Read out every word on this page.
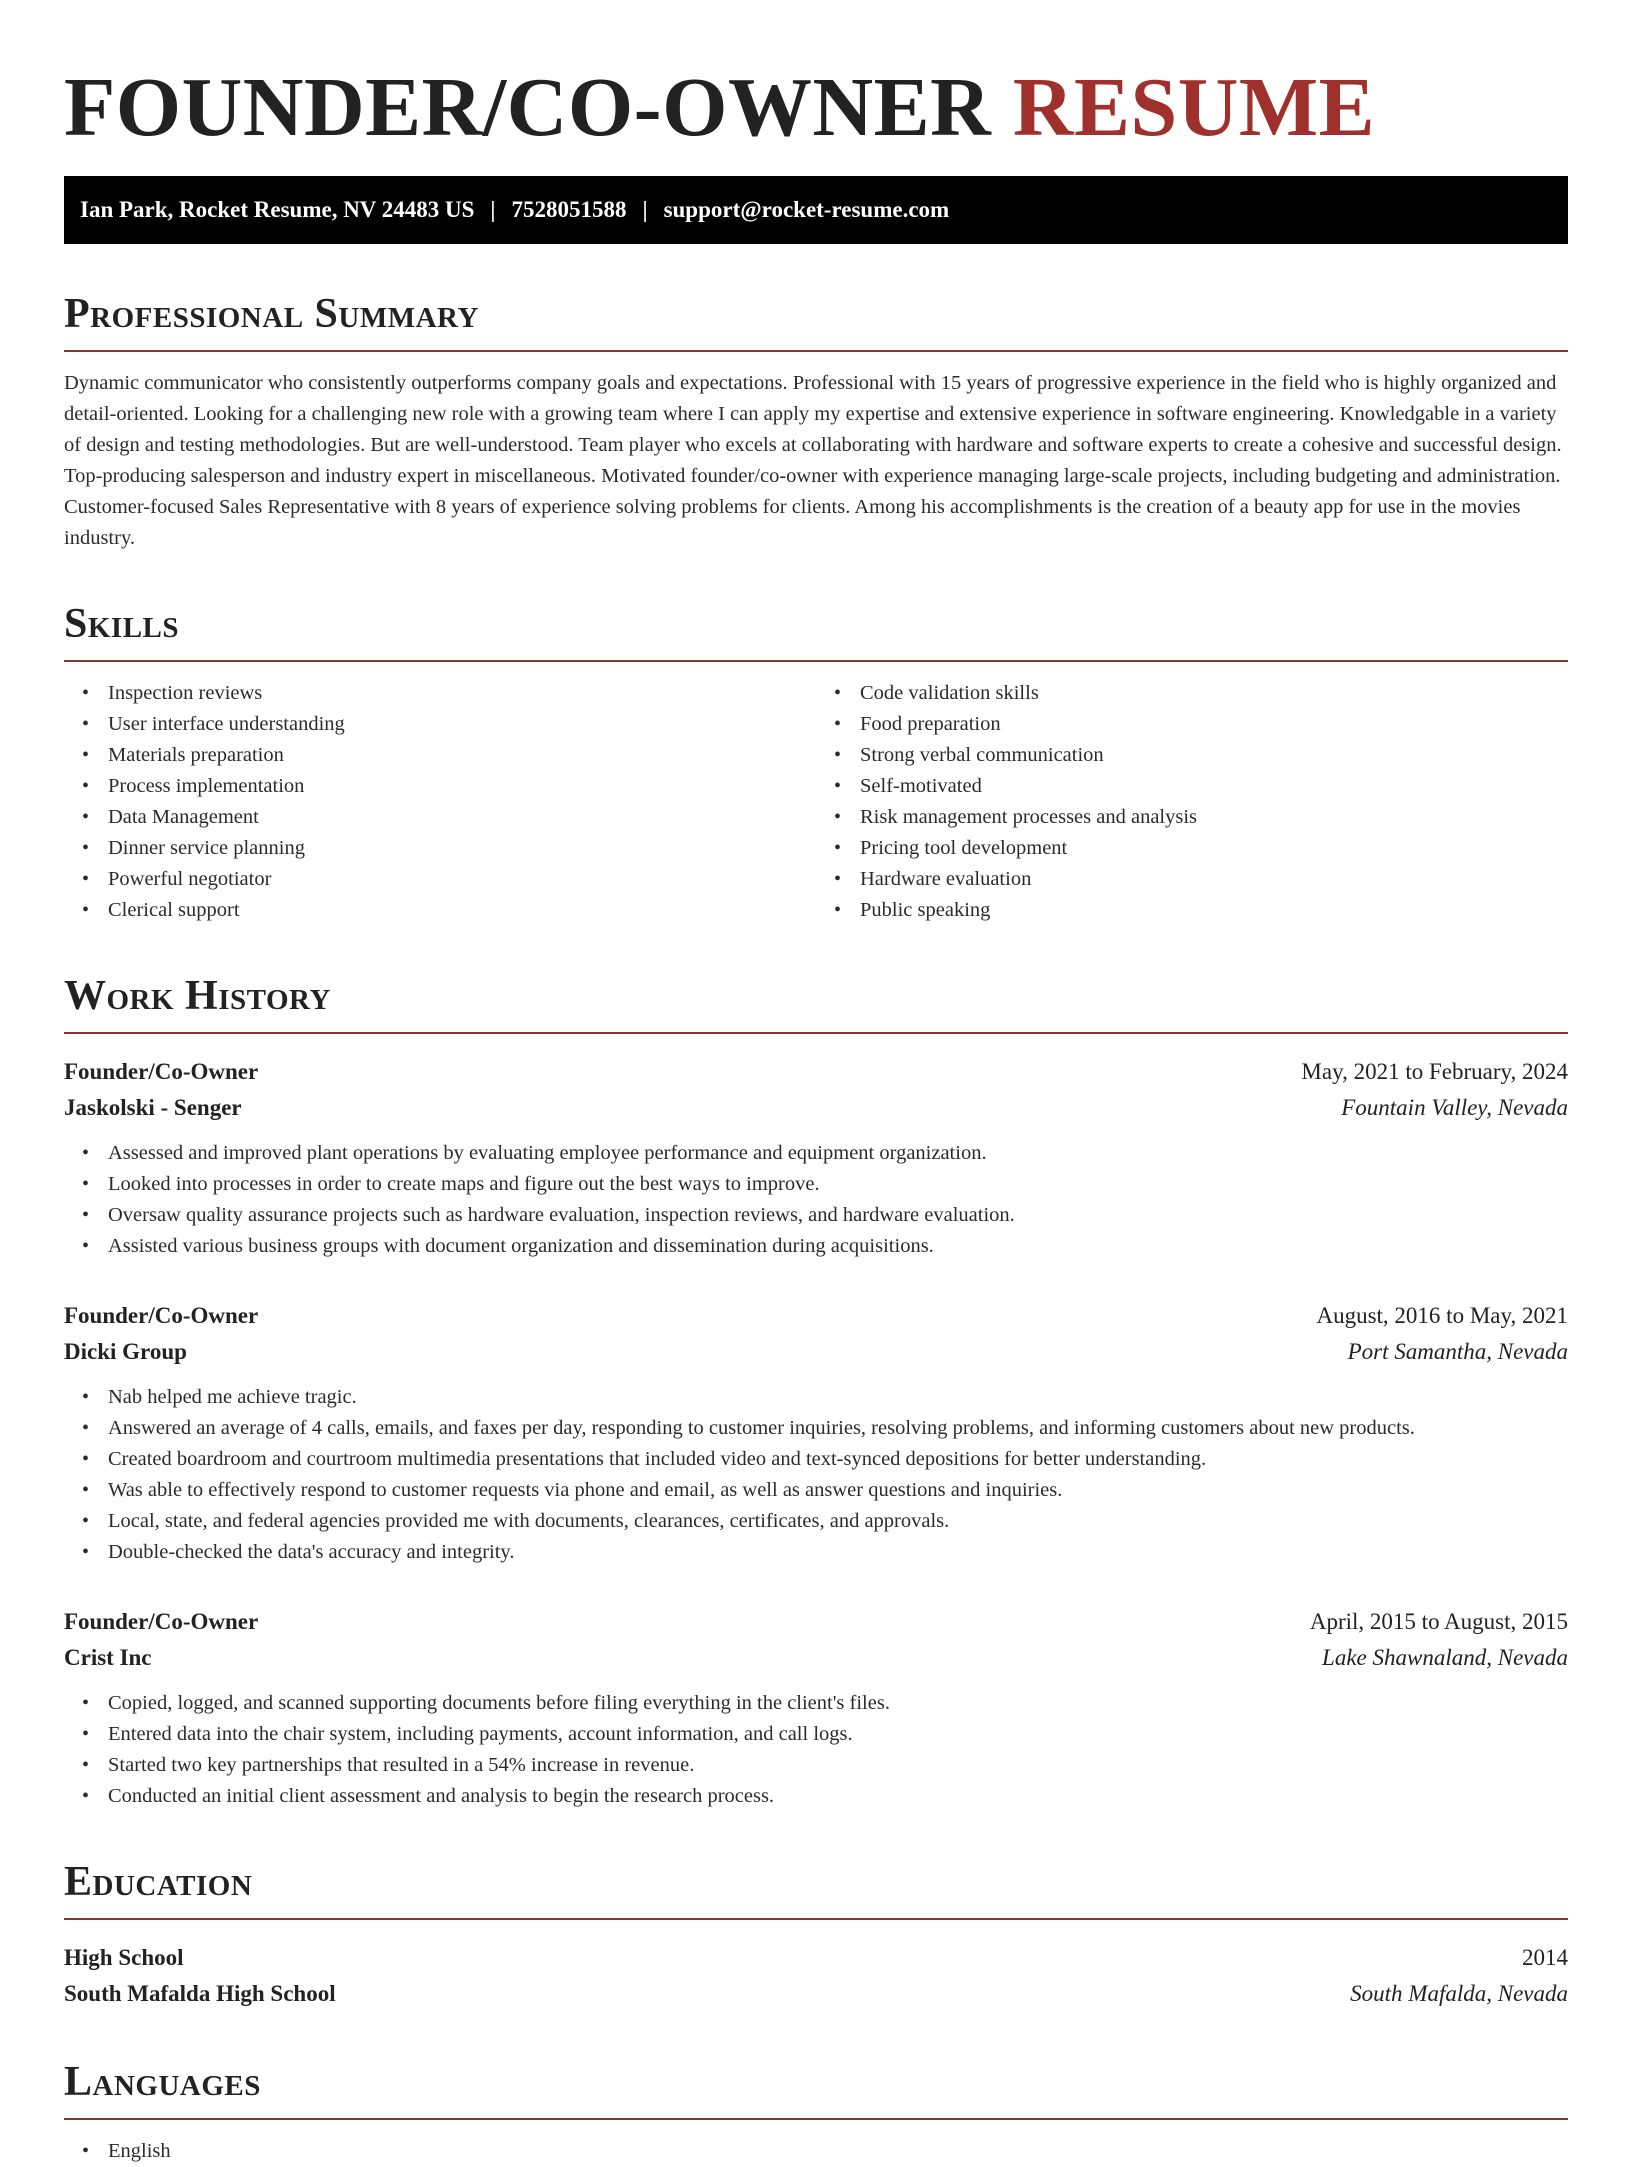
FOUNDER/CO-OWNER RESUME
Ian Park, Rocket Resume, NV 24483 US | 7528051588 | support@rocket-resume.com
Professional Summary

Dynamic communicator who consistently outperforms company goals and expectations. Professional with 15 years of progressive experience in the field who is highly organized and detail-oriented. Looking for a challenging new role with a growing team where I can apply my expertise and extensive experience in software engineering. Knowledgable in a variety of design and testing methodologies. But are well-understood. Team player who excels at collaborating with hardware and software experts to create a cohesive and successful design. Top-producing salesperson and industry expert in miscellaneous. Motivated founder/co-owner with experience managing large-scale projects, including budgeting and administration. Customer-focused Sales Representative with 8 years of experience solving problems for clients. Among his accomplishments is the creation of a beauty app for use in the movies industry.

Skills
• Inspection reviews
• User interface understanding
• Materials preparation
• Process implementation
• Data Management
• Dinner service planning
• Powerful negotiator
• Clerical support
• Code validation skills
• Food preparation
• Strong verbal communication
• Self-motivated
• Risk management processes and analysis
• Pricing tool development
• Hardware evaluation
• Public speaking
Work History
Founder/Co-Owner	May, 2021 to February, 2024
Jaskolski - Senger	Fountain Valley, Nevada
• Assessed and improved plant operations by evaluating employee performance and equipment organization.
• Looked into processes in order to create maps and figure out the best ways to improve.
• Oversaw quality assurance projects such as hardware evaluation, inspection reviews, and hardware evaluation.
• Assisted various business groups with document organization and dissemination during acquisitions.
Founder/Co-Owner	August, 2016 to May, 2021
Dicki Group	Port Samantha, Nevada
• Nab helped me achieve tragic.
• Answered an average of 4 calls, emails, and faxes per day, responding to customer inquiries, resolving problems, and informing customers about new products.
• Created boardroom and courtroom multimedia presentations that included video and text-synced depositions for better understanding.
• Was able to effectively respond to customer requests via phone and email, as well as answer questions and inquiries.
• Local, state, and federal agencies provided me with documents, clearances, certificates, and approvals.
• Double-checked the data's accuracy and integrity.
Founder/Co-Owner	April, 2015 to August, 2015
Crist Inc	Lake Shawnaland, Nevada
• Copied, logged, and scanned supporting documents before filing everything in the client's files.
• Entered data into the chair system, including payments, account information, and call logs.
• Started two key partnerships that resulted in a 54% increase in revenue.
• Conducted an initial client assessment and analysis to begin the research process.
Education
High School	2014
South Mafalda High School	South Mafalda, Nevada
Languages
• English
